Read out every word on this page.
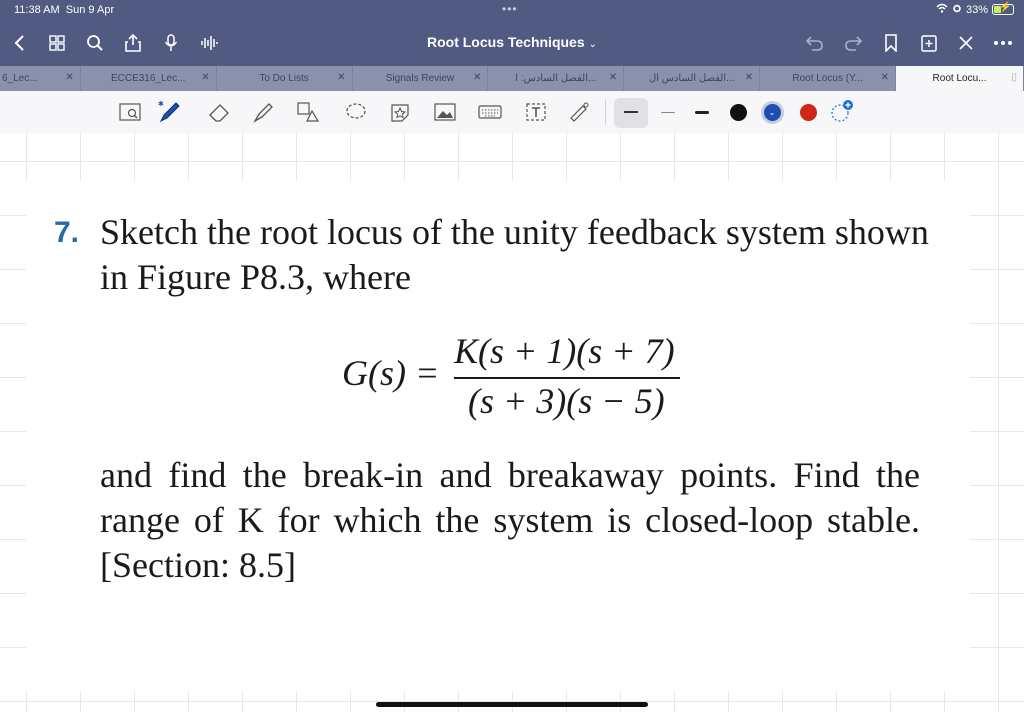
11:38 AM Sun 9 Apr	•••	33% ⚡
Root Locus Techniques ⌄
6_Lec...	✕	ECCE316_Lec... ✕	To Do Lists	✕	Signals Review ✕	الفصل السادس: ا... ✕	الفصل السادس ال... ✕	Root Locus (Y... ✕	Root Locu...	▯
✱
⌄
7. Sketch the root locus of the unity feedback system shown
in Figure P8.3, where
G(s) =
K(s + 1)(s + 7)
(s + 3)(s − 5)
and find the break-in and breakaway points. Find the
range of K for which the system is closed-loop stable.
[Section: 8.5]
